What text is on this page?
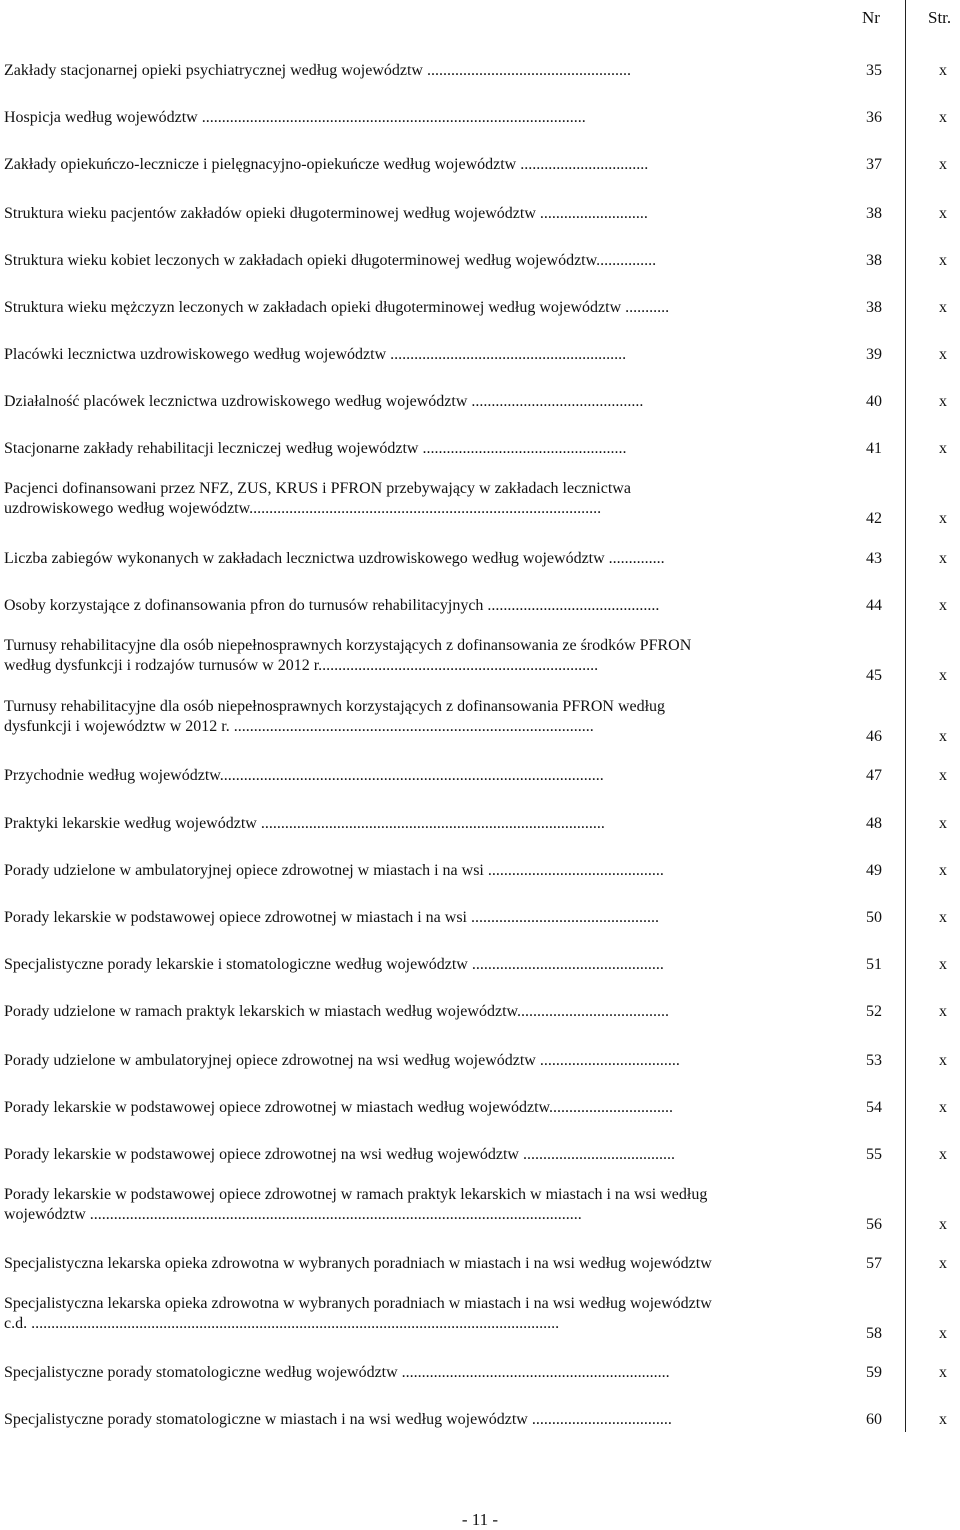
Nr	Str.
Zakłady stacjonarnej opieki psychiatrycznej według województw ...................................................	35	x
Hospicja według województw ................................................................................................	36	x
Zakłady opiekuńczo-lecznicze i pielęgnacyjno-opiekuńcze według województw ................................	37	x
Struktura wieku pacjentów zakładów opieki długoterminowej według województw ...........................	38	x
Struktura wieku kobiet leczonych w zakładach opieki długoterminowej według województw...............	38	x
Struktura wieku mężczyzn leczonych w zakładach opieki długoterminowej według województw ...........	38	x
Placówki lecznictwa uzdrowiskowego według województw ...........................................................	39	x
Działalność placówek lecznictwa uzdrowiskowego według województw ...........................................	40	x
Stacjonarne zakłady rehabilitacji leczniczej według województw ...................................................	41	x
Pacjenci dofinansowani przez NFZ, ZUS, KRUS i PFRON przebywający w zakładach lecznictwa
uzdrowiskowego według województw........................................................................................
42	x
Liczba zabiegów wykonanych w zakładach lecznictwa uzdrowiskowego według województw ..............	43	x
Osoby korzystające z dofinansowania pfron do turnusów rehabilitacyjnych ...........................................	44	x
Turnusy rehabilitacyjne dla osób niepełnosprawnych korzystających z dofinansowania ze środków PFRON
według dysfunkcji i rodzajów turnusów w 2012 r......................................................................
45	x
Turnusy rehabilitacyjne dla osób niepełnosprawnych korzystających z dofinansowania PFRON według
dysfunkcji i województw w 2012 r. ..........................................................................................
46	x
Przychodnie według województw................................................................................................	47	x
Praktyki lekarskie według województw ......................................................................................	48	x
Porady udzielone w ambulatoryjnej opiece zdrowotnej w miastach i na wsi ............................................	49	x
Porady lekarskie w podstawowej opiece zdrowotnej w miastach i na wsi ...............................................	50	x
Specjalistyczne porady lekarskie i stomatologiczne według województw ................................................	51	x
Porady udzielone w ramach praktyk lekarskich w miastach według województw......................................	52	x
Porady udzielone w ambulatoryjnej opiece zdrowotnej na wsi według województw ...................................	53	x
Porady lekarskie w podstawowej opiece zdrowotnej w miastach według województw...............................	54	x
Porady lekarskie w podstawowej opiece zdrowotnej na wsi według województw ......................................	55	x
Porady lekarskie w podstawowej opiece zdrowotnej w ramach praktyk lekarskich w miastach i na wsi według
województw ...........................................................................................................................
56	x
Specjalistyczna lekarska opieka zdrowotna w wybranych poradniach w miastach i na wsi według województw	57	x
Specjalistyczna lekarska opieka zdrowotna w wybranych poradniach w miastach i na wsi według województw
c.d. ....................................................................................................................................
58	x
Specjalistyczne porady stomatologiczne według województw ...................................................................	59	x
Specjalistyczne porady stomatologiczne w miastach i na wsi według województw ...................................	60	x
- 11 -
